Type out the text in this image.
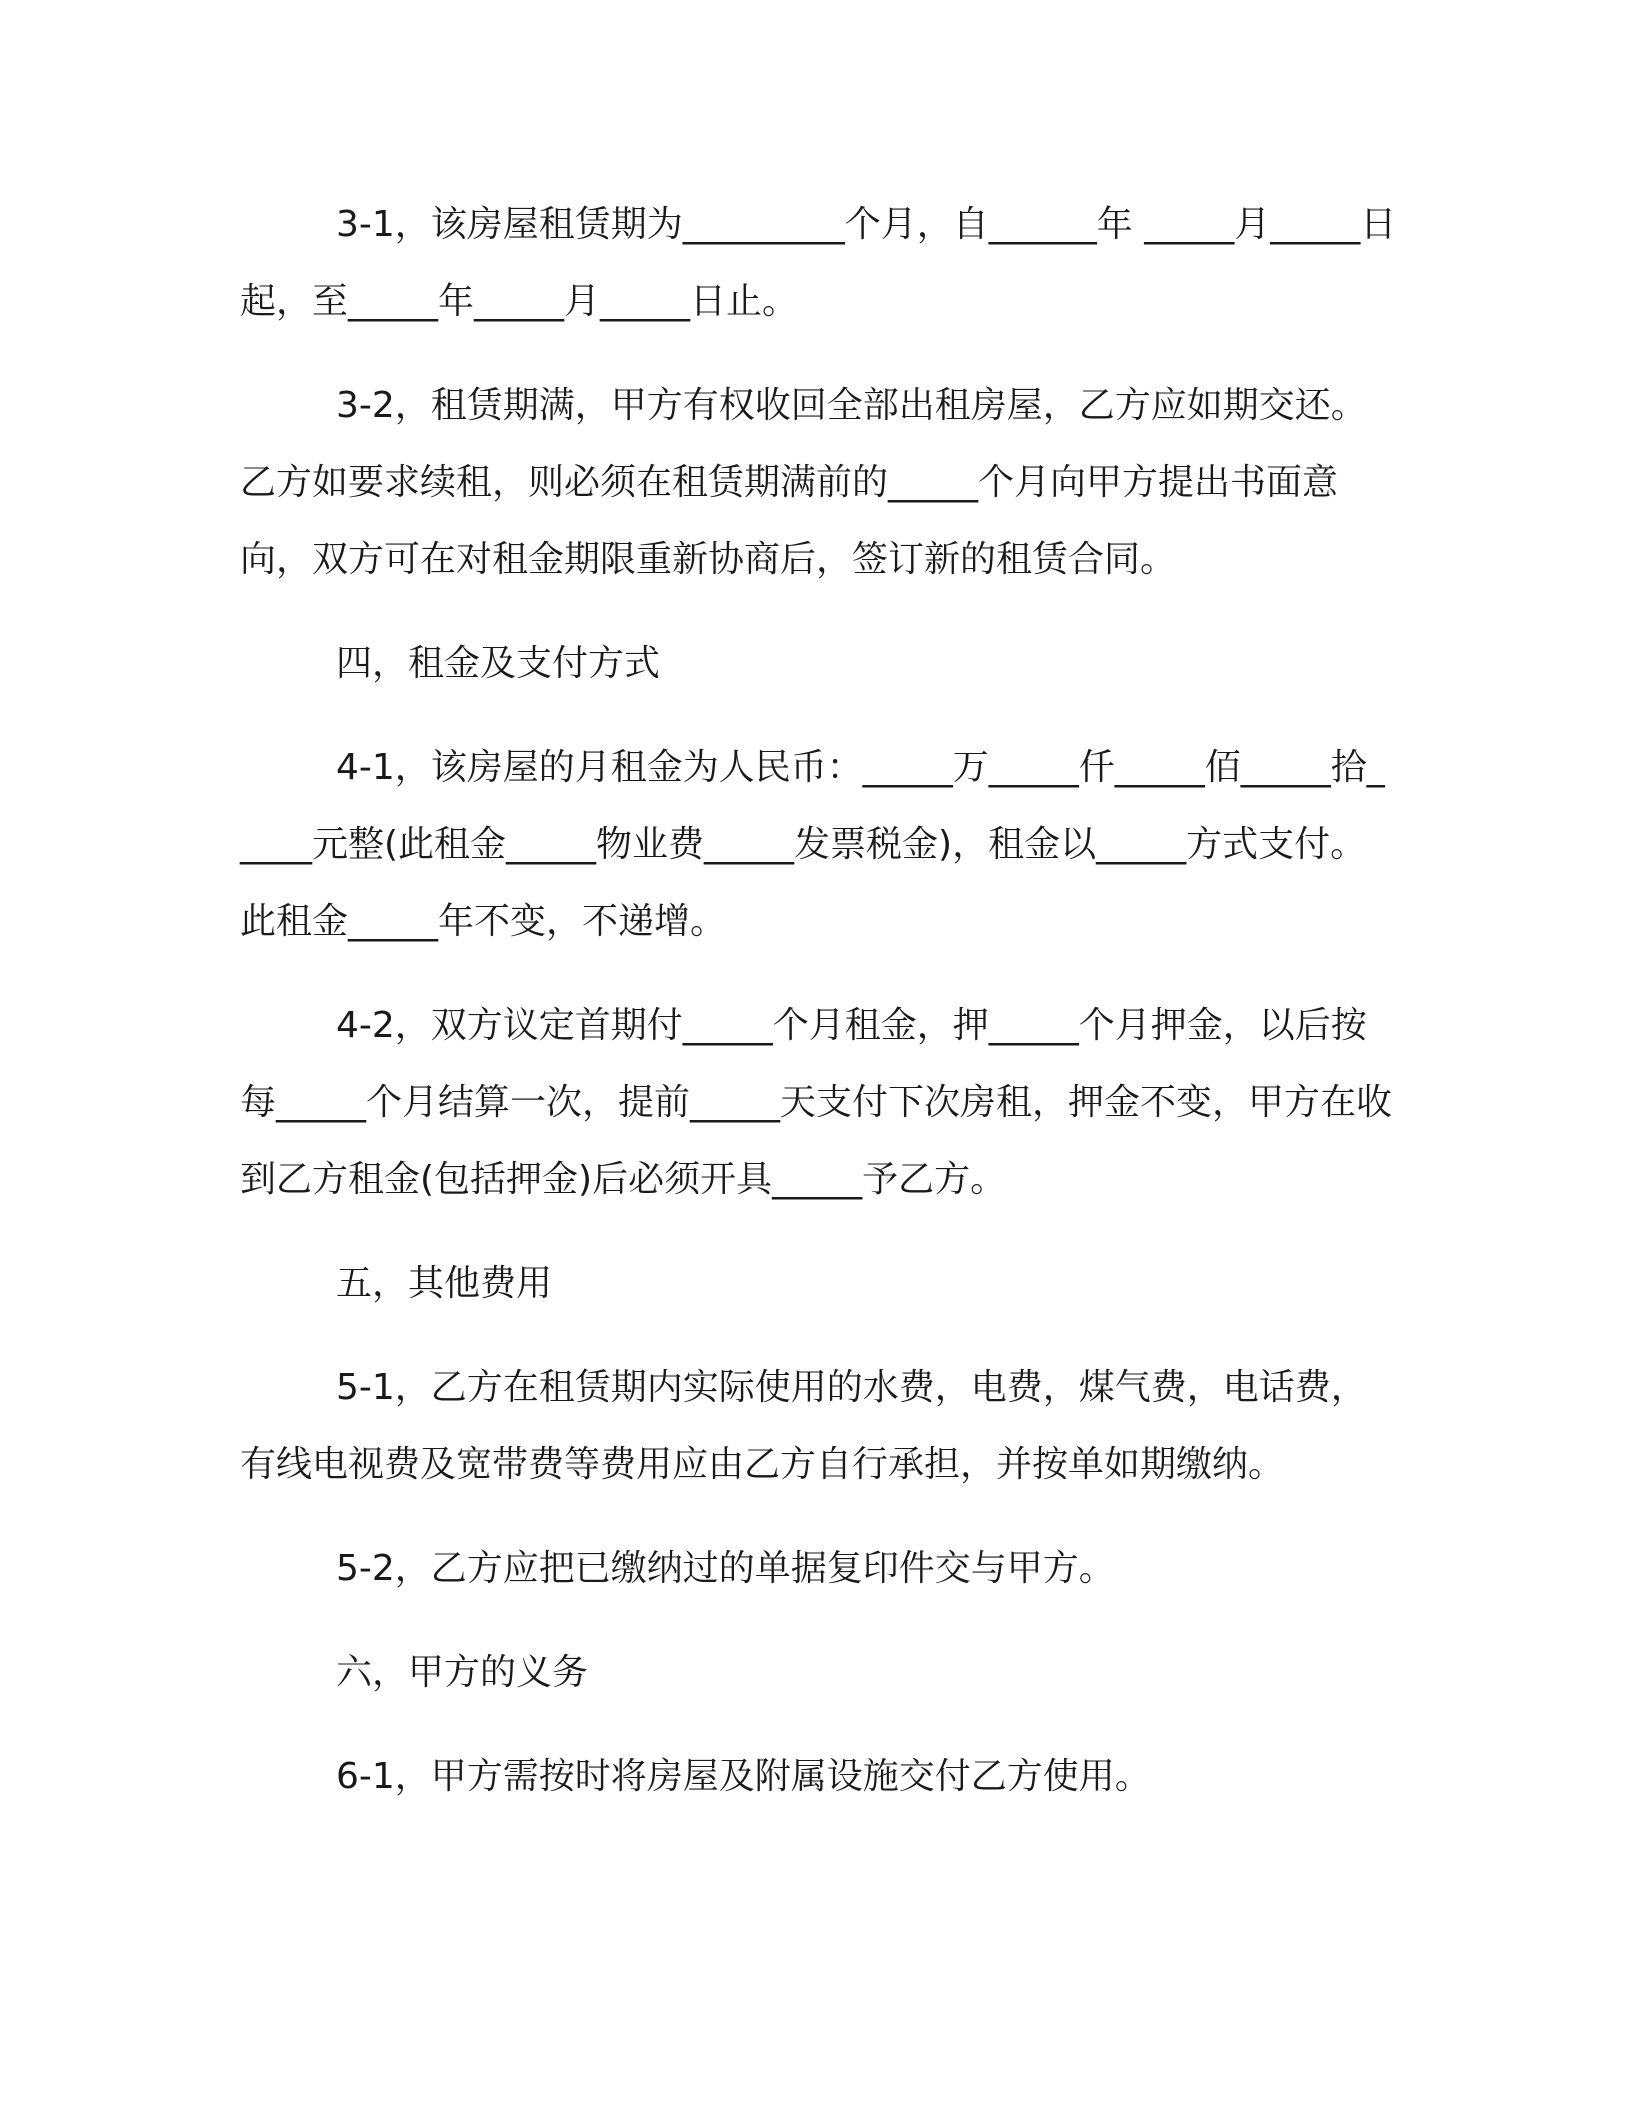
3-1，该房屋租赁期为_________个月，自______年 _____月_____日起，至_____年_____月_____日止。

3-2，租赁期满，甲方有权收回全部出租房屋，乙方应如期交还。乙方如要求续租，则必须在租赁期满前的_____个月向甲方提出书面意向，双方可在对租金期限重新协商后，签订新的租赁合同。

四，租金及支付方式

4-1，该房屋的月租金为人民币：_____万_____仟_____佰_____拾_____元整(此租金_____物业费_____发票税金)，租金以_____方式支付。此租金_____年不变，不递增。

4-2，双方议定首期付_____个月租金，押_____个月押金，以后按每_____个月结算一次，提前_____天支付下次房租，押金不变，甲方在收到乙方租金(包括押金)后必须开具_____予乙方。

五，其他费用

5-1，乙方在租赁期内实际使用的水费，电费，煤气费，电话费，有线电视费及宽带费等费用应由乙方自行承担，并按单如期缴纳。

5-2，乙方应把已缴纳过的单据复印件交与甲方。

六，甲方的义务

6-1，甲方需按时将房屋及附属设施交付乙方使用。
